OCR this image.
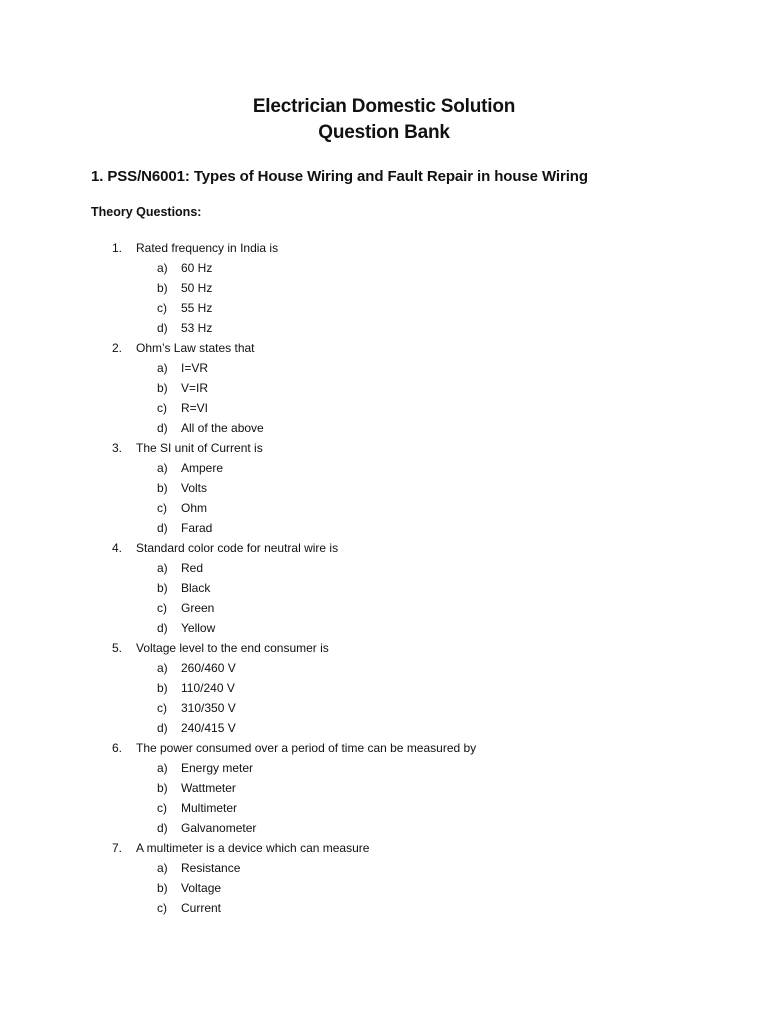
Electrician Domestic Solution
Question Bank
1. PSS/N6001: Types of House Wiring and Fault Repair in house Wiring
Theory Questions:
1. Rated frequency in India is
a) 60 Hz
b) 50 Hz
c) 55 Hz
d) 53 Hz
2. Ohm’s Law states that
a) I=VR
b) V=IR
c) R=VI
d) All of the above
3. The SI unit of Current is
a) Ampere
b) Volts
c) Ohm
d) Farad
4. Standard color code for neutral wire is
a) Red
b) Black
c) Green
d) Yellow
5. Voltage level to the end consumer is
a) 260/460 V
b) 110/240 V
c) 310/350 V
d) 240/415 V
6. The power consumed over a period of time can be measured by
a) Energy meter
b) Wattmeter
c) Multimeter
d) Galvanometer
7. A multimeter is a device which can measure
a) Resistance
b) Voltage
c) Current
